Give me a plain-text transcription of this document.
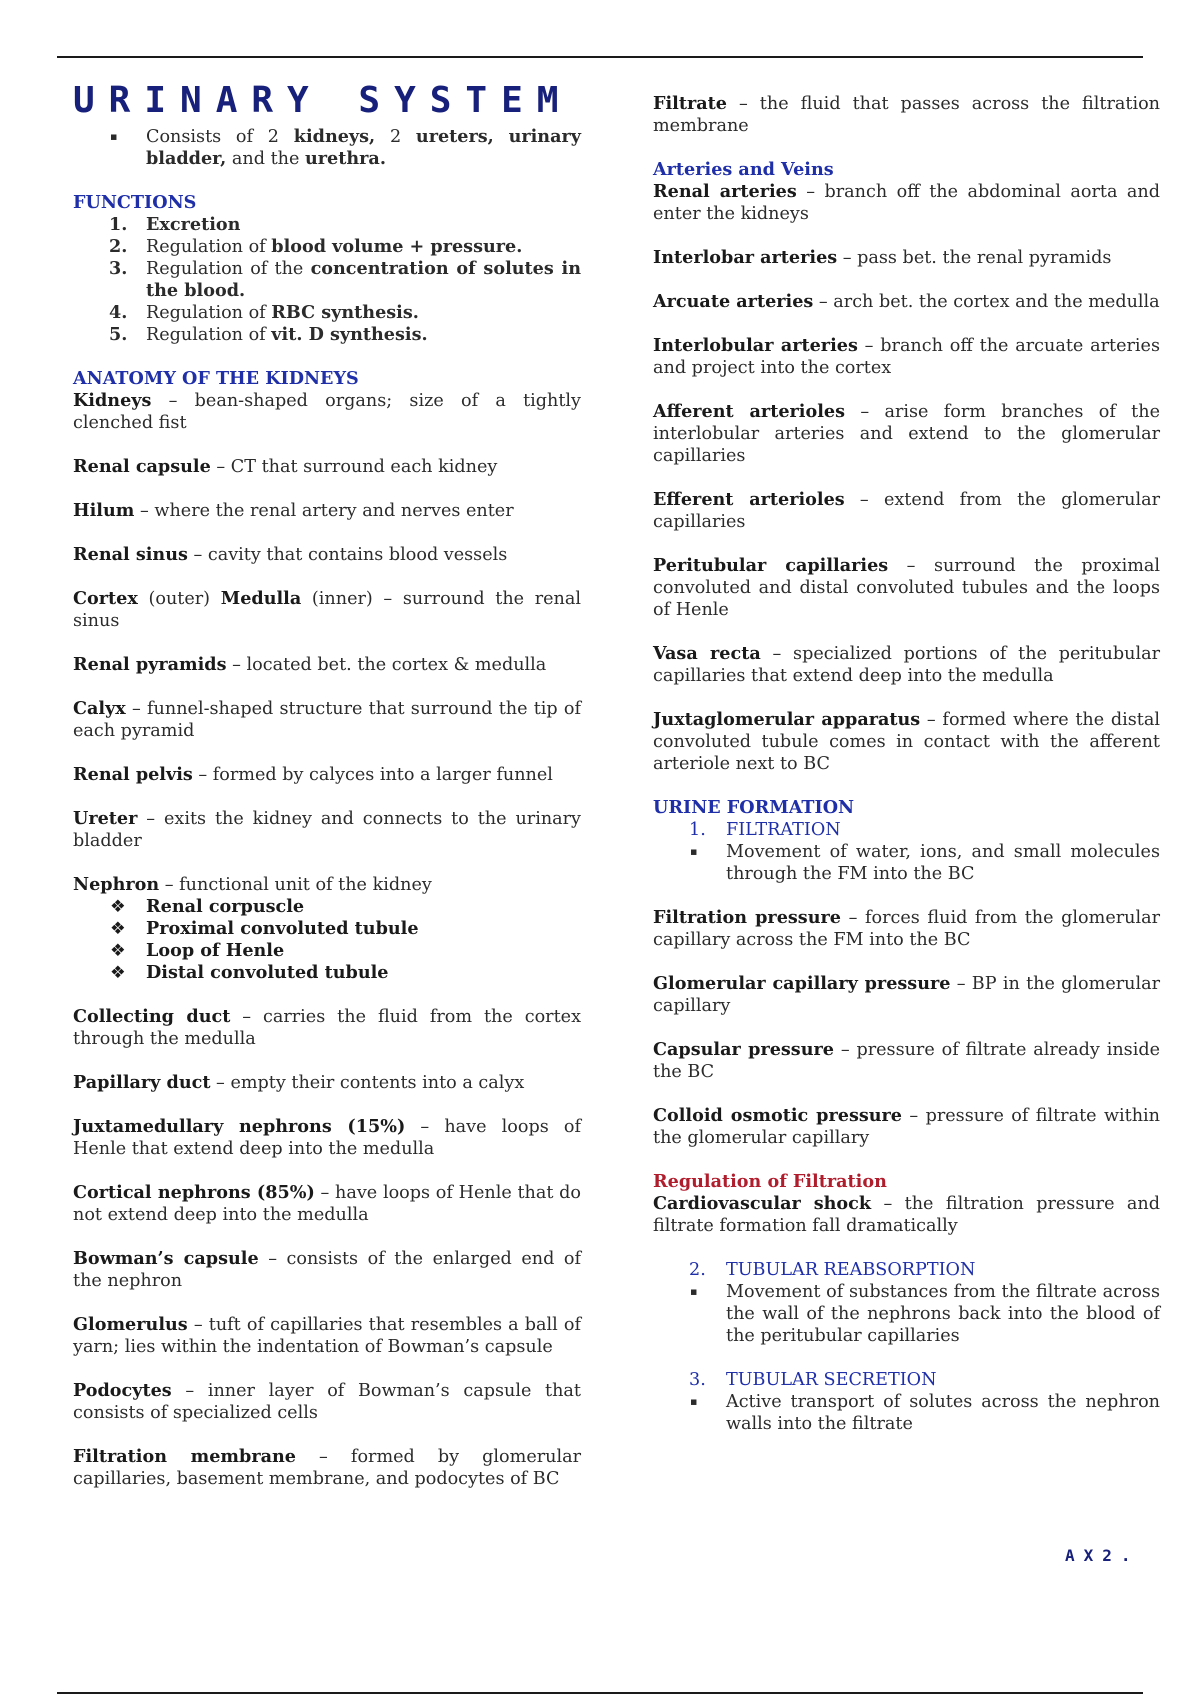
URINARY SYSTEM
▪ Consists of 2 kidneys, 2 ureters, urinary bladder, and the urethra.
FUNCTIONS
1. Excretion
2. Regulation of blood volume + pressure.
3. Regulation of the concentration of solutes in the blood.
4. Regulation of RBC synthesis.
5. Regulation of vit. D synthesis.
ANATOMY OF THE KIDNEYS

Kidneys – bean-shaped organs; size of a tightly clenched fist

Renal capsule – CT that surround each kidney

Hilum – where the renal artery and nerves enter

Renal sinus – cavity that contains blood vessels

Cortex (outer) Medulla (inner) – surround the renal sinus

Renal pyramids – located bet. the cortex & medulla

Calyx – funnel-shaped structure that surround the tip of each pyramid

Renal pelvis – formed by calyces into a larger funnel

Ureter – exits the kidney and connects to the urinary bladder

Nephron – functional unit of the kidney

❖ Renal corpuscle
❖ Proximal convoluted tubule
❖ Loop of Henle
❖ Distal convoluted tubule

Collecting duct – carries the fluid from the cortex through the medulla

Papillary duct – empty their contents into a calyx

Juxtamedullary nephrons (15%) – have loops of Henle that extend deep into the medulla

Cortical nephrons (85%) – have loops of Henle that do not extend deep into the medulla

Bowman’s capsule – consists of the enlarged end of the nephron

Glomerulus – tuft of capillaries that resembles a ball of yarn; lies within the indentation of Bowman’s capsule

Podocytes – inner layer of Bowman’s capsule that consists of specialized cells

Filtration membrane – formed by glomerular capillaries, basement membrane, and podocytes of BC

Filtrate – the fluid that passes across the filtration membrane

Arteries and Veins

Renal arteries – branch off the abdominal aorta and enter the kidneys

Interlobar arteries – pass bet. the renal pyramids

Arcuate arteries – arch bet. the cortex and the medulla

Interlobular arteries – branch off the arcuate arteries and project into the cortex

Afferent arterioles – arise form branches of the interlobular arteries and extend to the glomerular capillaries

Efferent arterioles – extend from the glomerular capillaries

Peritubular capillaries – surround the proximal convoluted and distal convoluted tubules and the loops of Henle

Vasa recta – specialized portions of the peritubular capillaries that extend deep into the medulla

Juxtaglomerular apparatus – formed where the distal convoluted tubule comes in contact with the afferent arteriole next to BC

URINE FORMATION
1. FILTRATION
▪ Movement of water, ions, and small molecules through the FM into the BC

Filtration pressure – forces fluid from the glomerular capillary across the FM into the BC

Glomerular capillary pressure – BP in the glomerular capillary

Capsular pressure – pressure of filtrate already inside the BC

Colloid osmotic pressure – pressure of filtrate within the glomerular capillary

Regulation of Filtration

Cardiovascular shock – the filtration pressure and filtrate formation fall dramatically

2. TUBULAR REABSORPTION
▪ Movement of substances from the filtrate across the wall of the nephrons back into the blood of the peritubular capillaries
3. TUBULAR SECRETION
▪ Active transport of solutes across the nephron walls into the filtrate
AX2.
